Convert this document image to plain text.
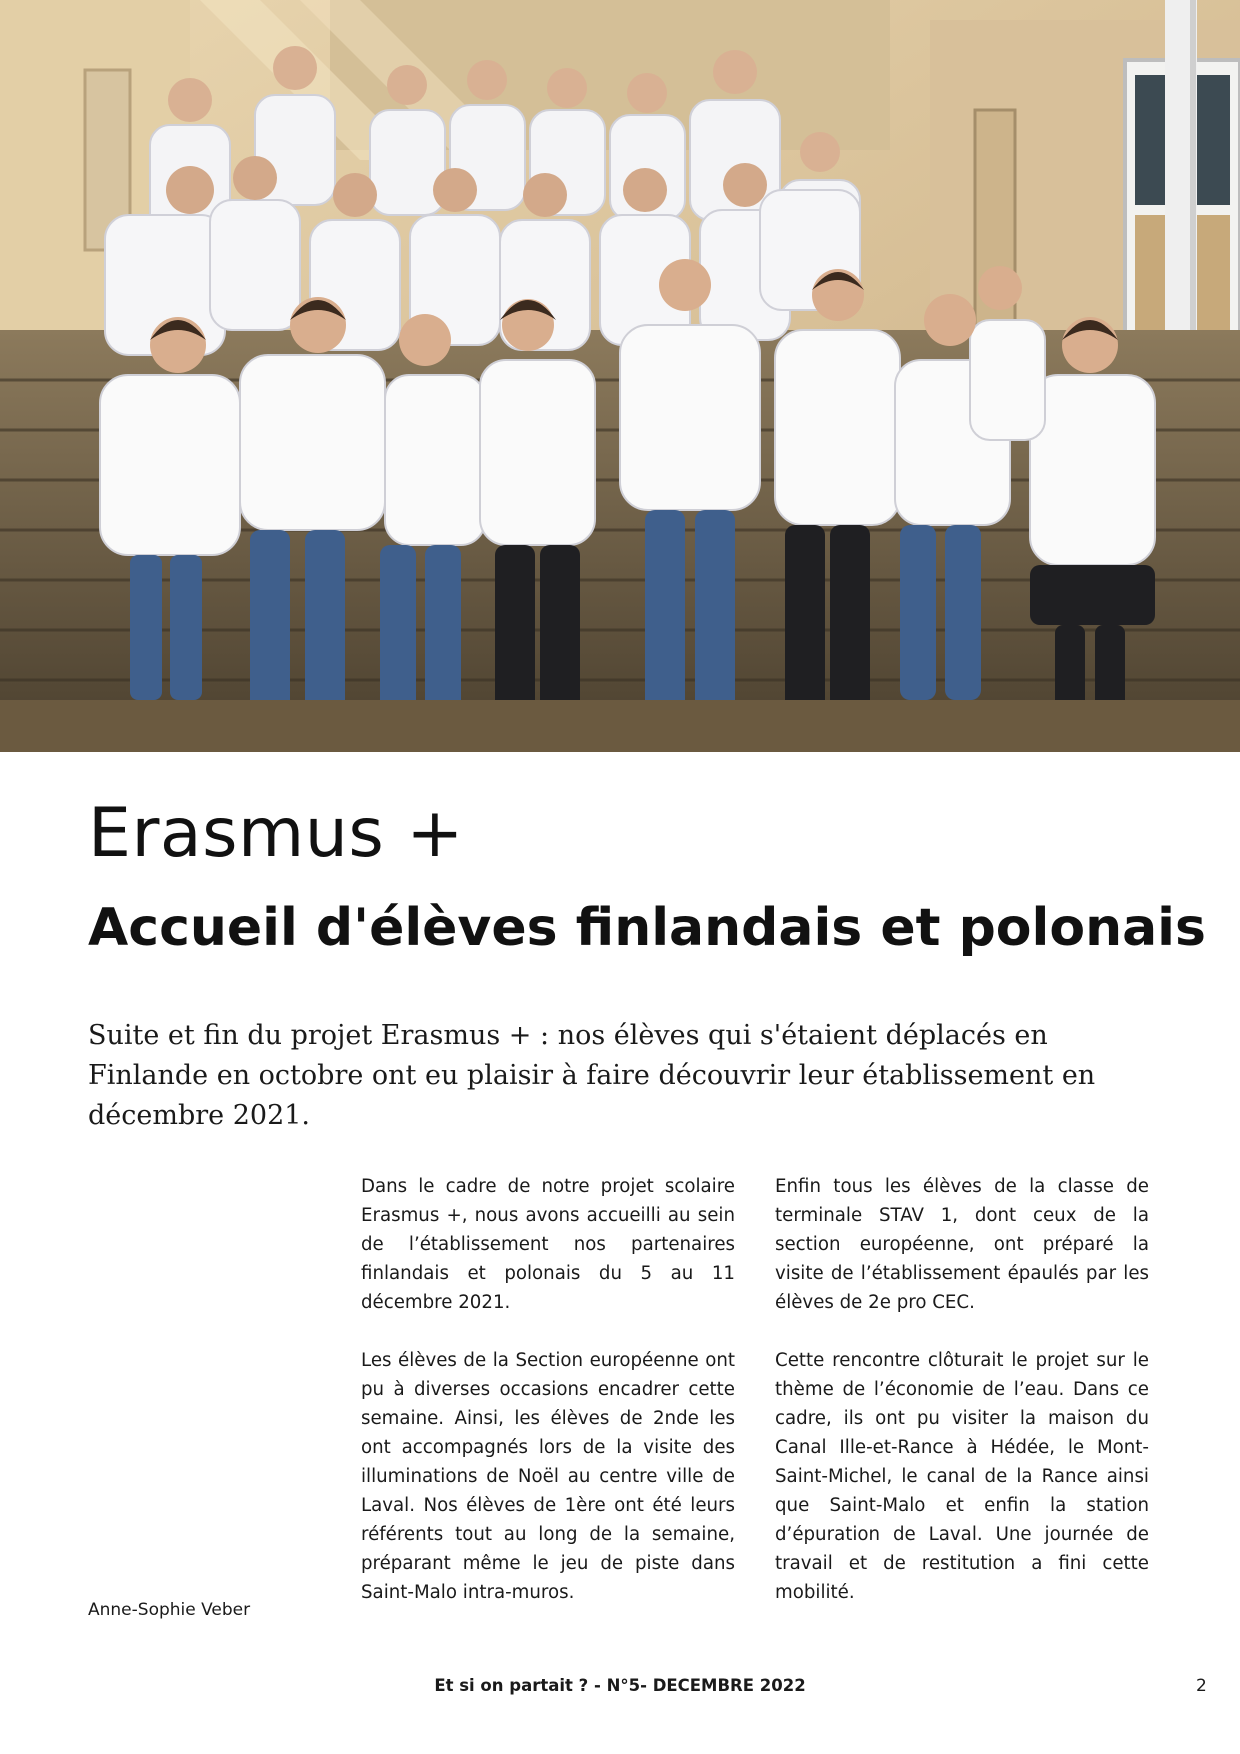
Erasmus +
Accueil d'élèves finlandais et polonais

Suite et fin du projet Erasmus + : nos élèves qui s'étaient déplacés en Finlande en octobre ont eu plaisir à faire découvrir leur établissement en décembre 2021.

Dans le cadre de notre projet scolaire Erasmus +, nous avons accueilli au sein de l’établissement nos partenaires finlandais et polonais du 5 au 11 décembre 2021.

Les élèves de la Section européenne ont pu à diverses occasions encadrer cette semaine. Ainsi, les élèves de 2nde les ont accompagnés lors de la visite des illuminations de Noël au centre ville de Laval. Nos élèves de 1ère ont été leurs référents tout au long de la semaine, préparant même le jeu de piste dans Saint-Malo intra-muros.

Enfin tous les élèves de la classe de terminale STAV 1, dont ceux de la section européenne, ont préparé la visite de l’établissement épaulés par les élèves de 2e pro CEC.

Cette rencontre clôturait le projet sur le thème de l’économie de l’eau. Dans ce cadre, ils ont pu visiter la maison du Canal Ille-et-Rance à Hédée, le Mont-Saint-Michel, le canal de la Rance ainsi que Saint-Malo et enfin la station d’épuration de Laval. Une journée de travail et de restitution a fini cette mobilité.

Anne-Sophie Veber
Et si on partait ? - N°5- DECEMBRE 2022	2
